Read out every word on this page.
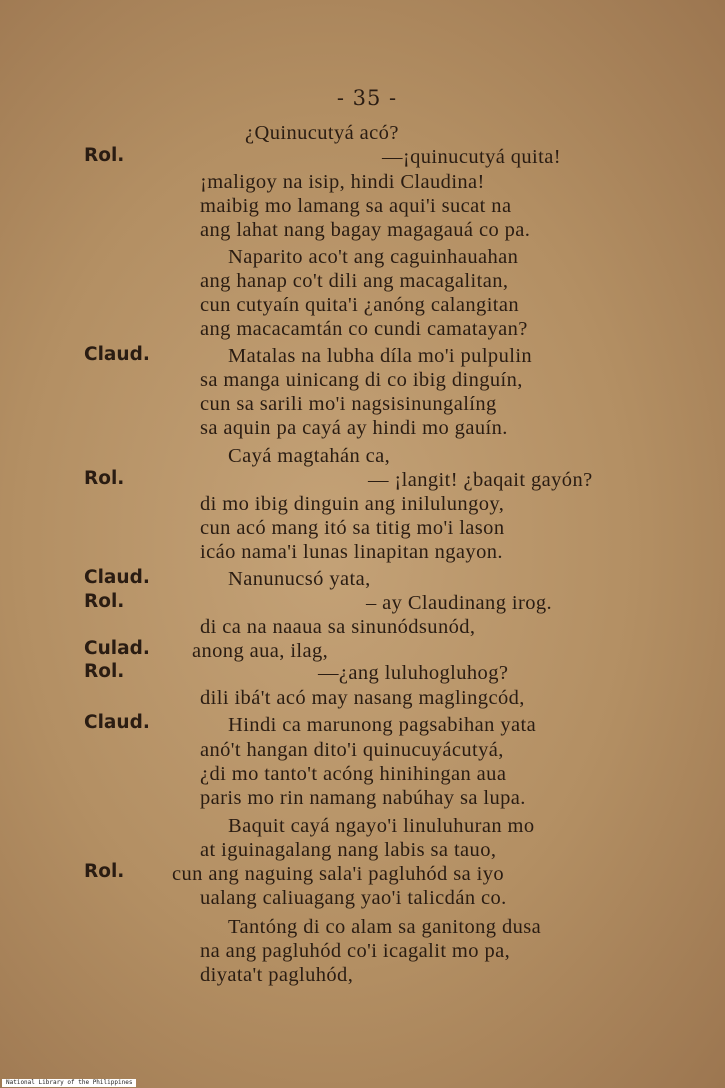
- 35 -
Rol.
Claud.
Rol.
Claud.
Rol.
Culad.
Rol.
Claud.
Rol.
¿Quinucutyá acó?
—¡quinucutyá quita!
¡maligoy na isip, hindi Claudina!
maibig mo lamang sa aqui'i sucat na
ang lahat nang bagay magagauá co pa.
Naparito aco't ang caguinhauahan
ang hanap co't dili ang macagalitan,
cun cutyaín quita'i ¿anóng calangitan
ang macacamtán co cundi camatayan?
Matalas na lubha díla mo'i pulpulin
sa manga uinicang di co ibig dinguín,
cun sa sarili mo'i nagsisinungalíng
sa aquin pa cayá ay hindi mo gauín.
Cayá magtahán ca,
— ¡langit! ¿baqait gayón?
di mo ibig dinguin ang inilulungoy,
cun acó mang itó sa titig mo'i lason
icáo nama'i lunas linapitan ngayon.
Nanunucsó yata,
– ay Claudinang irog.
di ca na naaua sa sinunódsunód,
anong aua, ilag,
—¿ang luluhogluhog?
dili ibá't acó may nasang maglingcód,
Hindi ca marunong pagsabihan yata
anó't hangan dito'i quinucuyácutyá,
¿di mo tanto't acóng hinihingan aua
paris mo rin namang nabúhay sa lupa.
Baquit cayá ngayo'i linuluhuran mo
at iguinagalang nang labis sa tauo,
cun ang naguing sala'i pagluhód sa iyo
ualang caliuagang yao'i talicdán co.
Tantóng di co alam sa ganitong dusa
na ang pagluhód co'i icagalit mo pa,
diyata't pagluhód,
National Library of the Philippines
